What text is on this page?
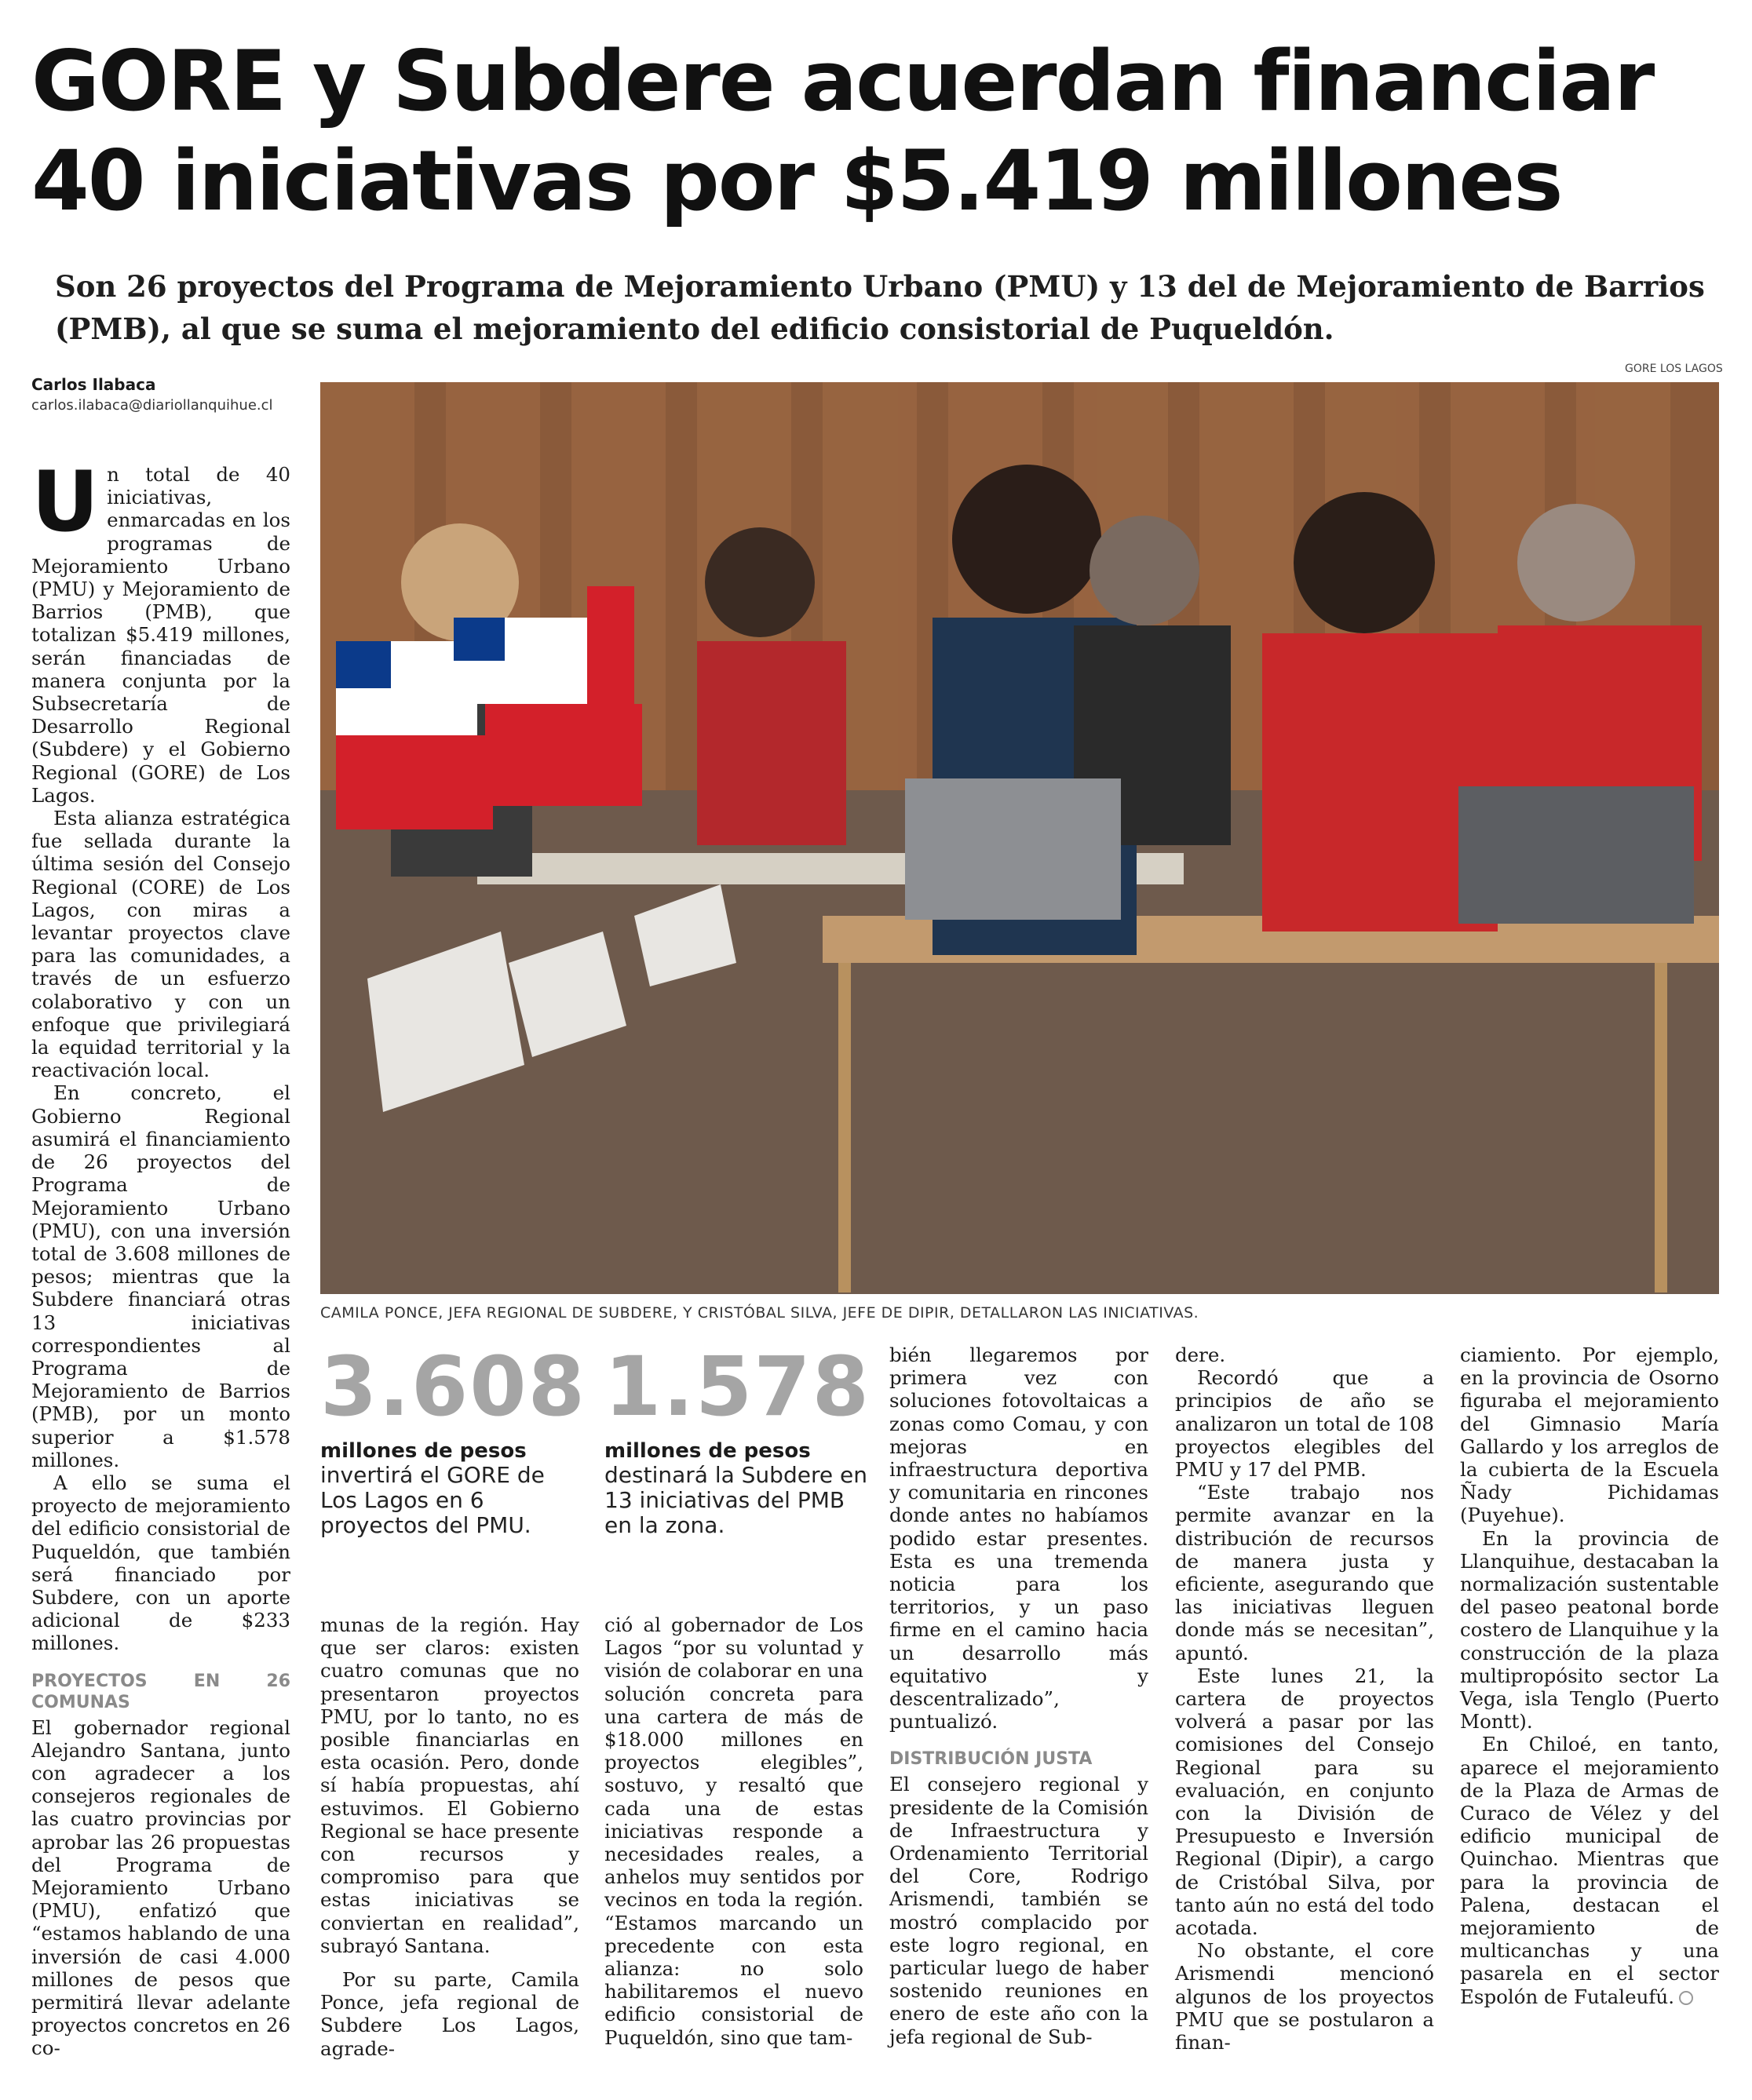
GORE y Subdere acuerdan financiar
40 iniciativas por $5.419 millones
Son 26 proyectos del Programa de Mejoramiento Urbano (PMU) y 13 del de Mejoramiento de Barrios (PMB), al que se suma el mejoramiento del edificio consistorial de Puqueldón.
Carlos Ilabaca
carlos.ilabaca@diariollanquihue.cl
GORE LOS LAGOS
CAMILA PONCE, JEFA REGIONAL DE SUBDERE, Y CRISTÓBAL SILVA, JEFE DE DIPIR, DETALLARON LAS INICIATIVAS.

Un total de 40 iniciativas, enmarcadas en los programas de Mejoramiento Urbano (PMU) y Mejoramiento de Barrios (PMB), que totalizan $5.419 millones, serán financiadas de manera conjunta por la Subsecretaría de Desarrollo Regional (Subdere) y el Gobierno Regional (GORE) de Los Lagos.

Esta alianza estratégica fue sellada durante la última sesión del Consejo Regional (CORE) de Los Lagos, con miras a levantar proyectos clave para las comunidades, a través de un esfuerzo colaborativo y con un enfoque que privilegiará la equidad territorial y la reactivación local.

En concreto, el Gobierno Regional asumirá el financiamiento de 26 proyectos del Programa de Mejoramiento Urbano (PMU), con una inversión total de 3.608 millones de pesos; mientras que la Subdere financiará otras 13 iniciativas correspondientes al Programa de Mejoramiento de Barrios (PMB), por un monto superior a $1.578 millones.

A ello se suma el proyecto de mejoramiento del edificio consistorial de Puqueldón, que también será financiado por Subdere, con un aporte adicional de $233 millones.

PROYECTOS EN 26 COMUNAS

El gobernador regional Alejandro Santana, junto con agradecer a los consejeros regionales de las cuatro provincias por aprobar las 26 propuestas del Programa de Mejoramiento Urbano (PMU), enfatizó que “estamos hablando de una inversión de casi 4.000 millones de pesos que permitirá llevar adelante proyectos concretos en 26 co-

3.608
millones de pesos
invertirá el GORE de Los Lagos en 6 proyectos del PMU.
1.578
millones de pesos
destinará la Subdere en 13 iniciativas del PMB en la zona.

munas de la región. Hay que ser claros: existen cuatro comunas que no presentaron proyectos PMU, por lo tanto, no es posible financiarlas en esta ocasión. Pero, donde sí había propuestas, ahí estuvimos. El Gobierno Regional se hace presente con recursos y compromiso para que estas iniciativas se conviertan en realidad”, subrayó Santana.

Por su parte, Camila Ponce, jefa regional de Subdere Los Lagos, agrade-

ció al gobernador de Los Lagos “por su voluntad y visión de colaborar en una solución concreta para una cartera de más de $18.000 millones en proyectos elegibles”, sostuvo, y resaltó que cada una de estas iniciativas responde a necesidades reales, a anhelos muy sentidos por vecinos en toda la región. “Estamos marcando un precedente con esta alianza: no solo habilitaremos el nuevo edificio consistorial de Puqueldón, sino que tam-

bién llegaremos por primera vez con soluciones fotovoltaicas a zonas como Comau, y con mejoras en infraestructura deportiva y comunitaria en rincones donde antes no habíamos podido estar presentes. Esta es una tremenda noticia para los territorios, y un paso firme en el camino hacia un desarrollo más equitativo y descentralizado”, puntualizó.

DISTRIBUCIÓN JUSTA

El consejero regional y presidente de la Comisión de Infraestructura y Ordenamiento Territorial del Core, Rodrigo Arismendi, también se mostró complacido por este logro regional, en particular luego de haber sostenido reuniones en enero de este año con la jefa regional de Sub-

dere.

Recordó que a principios de año se analizaron un total de 108 proyectos elegibles del PMU y 17 del PMB.

“Este trabajo nos permite avanzar en la distribución de recursos de manera justa y eficiente, asegurando que las iniciativas lleguen donde más se necesitan”, apuntó.

Este lunes 21, la cartera de proyectos volverá a pasar por las comisiones del Consejo Regional para su evaluación, en conjunto con la División de Presupuesto e Inversión Regional (Dipir), a cargo de Cristóbal Silva, por tanto aún no está del todo acotada.

No obstante, el core Arismendi mencionó algunos de los proyectos PMU que se postularon a finan-

ciamiento. Por ejemplo, en la provincia de Osorno figuraba el mejoramiento del Gimnasio María Gallardo y los arreglos de la cubierta de la Escuela Ñady Pichidamas (Puyehue).

En la provincia de Llanquihue, destacaban la normalización sustentable del paseo peatonal borde costero de Llanquihue y la construcción de la plaza multipropósito sector La Vega, isla Tenglo (Puerto Montt).

En Chiloé, en tanto, aparece el mejoramiento de la Plaza de Armas de Curaco de Vélez y del edificio municipal de Quinchao. Mientras que para la provincia de Palena, destacan el mejoramiento de multicanchas y una pasarela en el sector Espolón de Futaleufú.
